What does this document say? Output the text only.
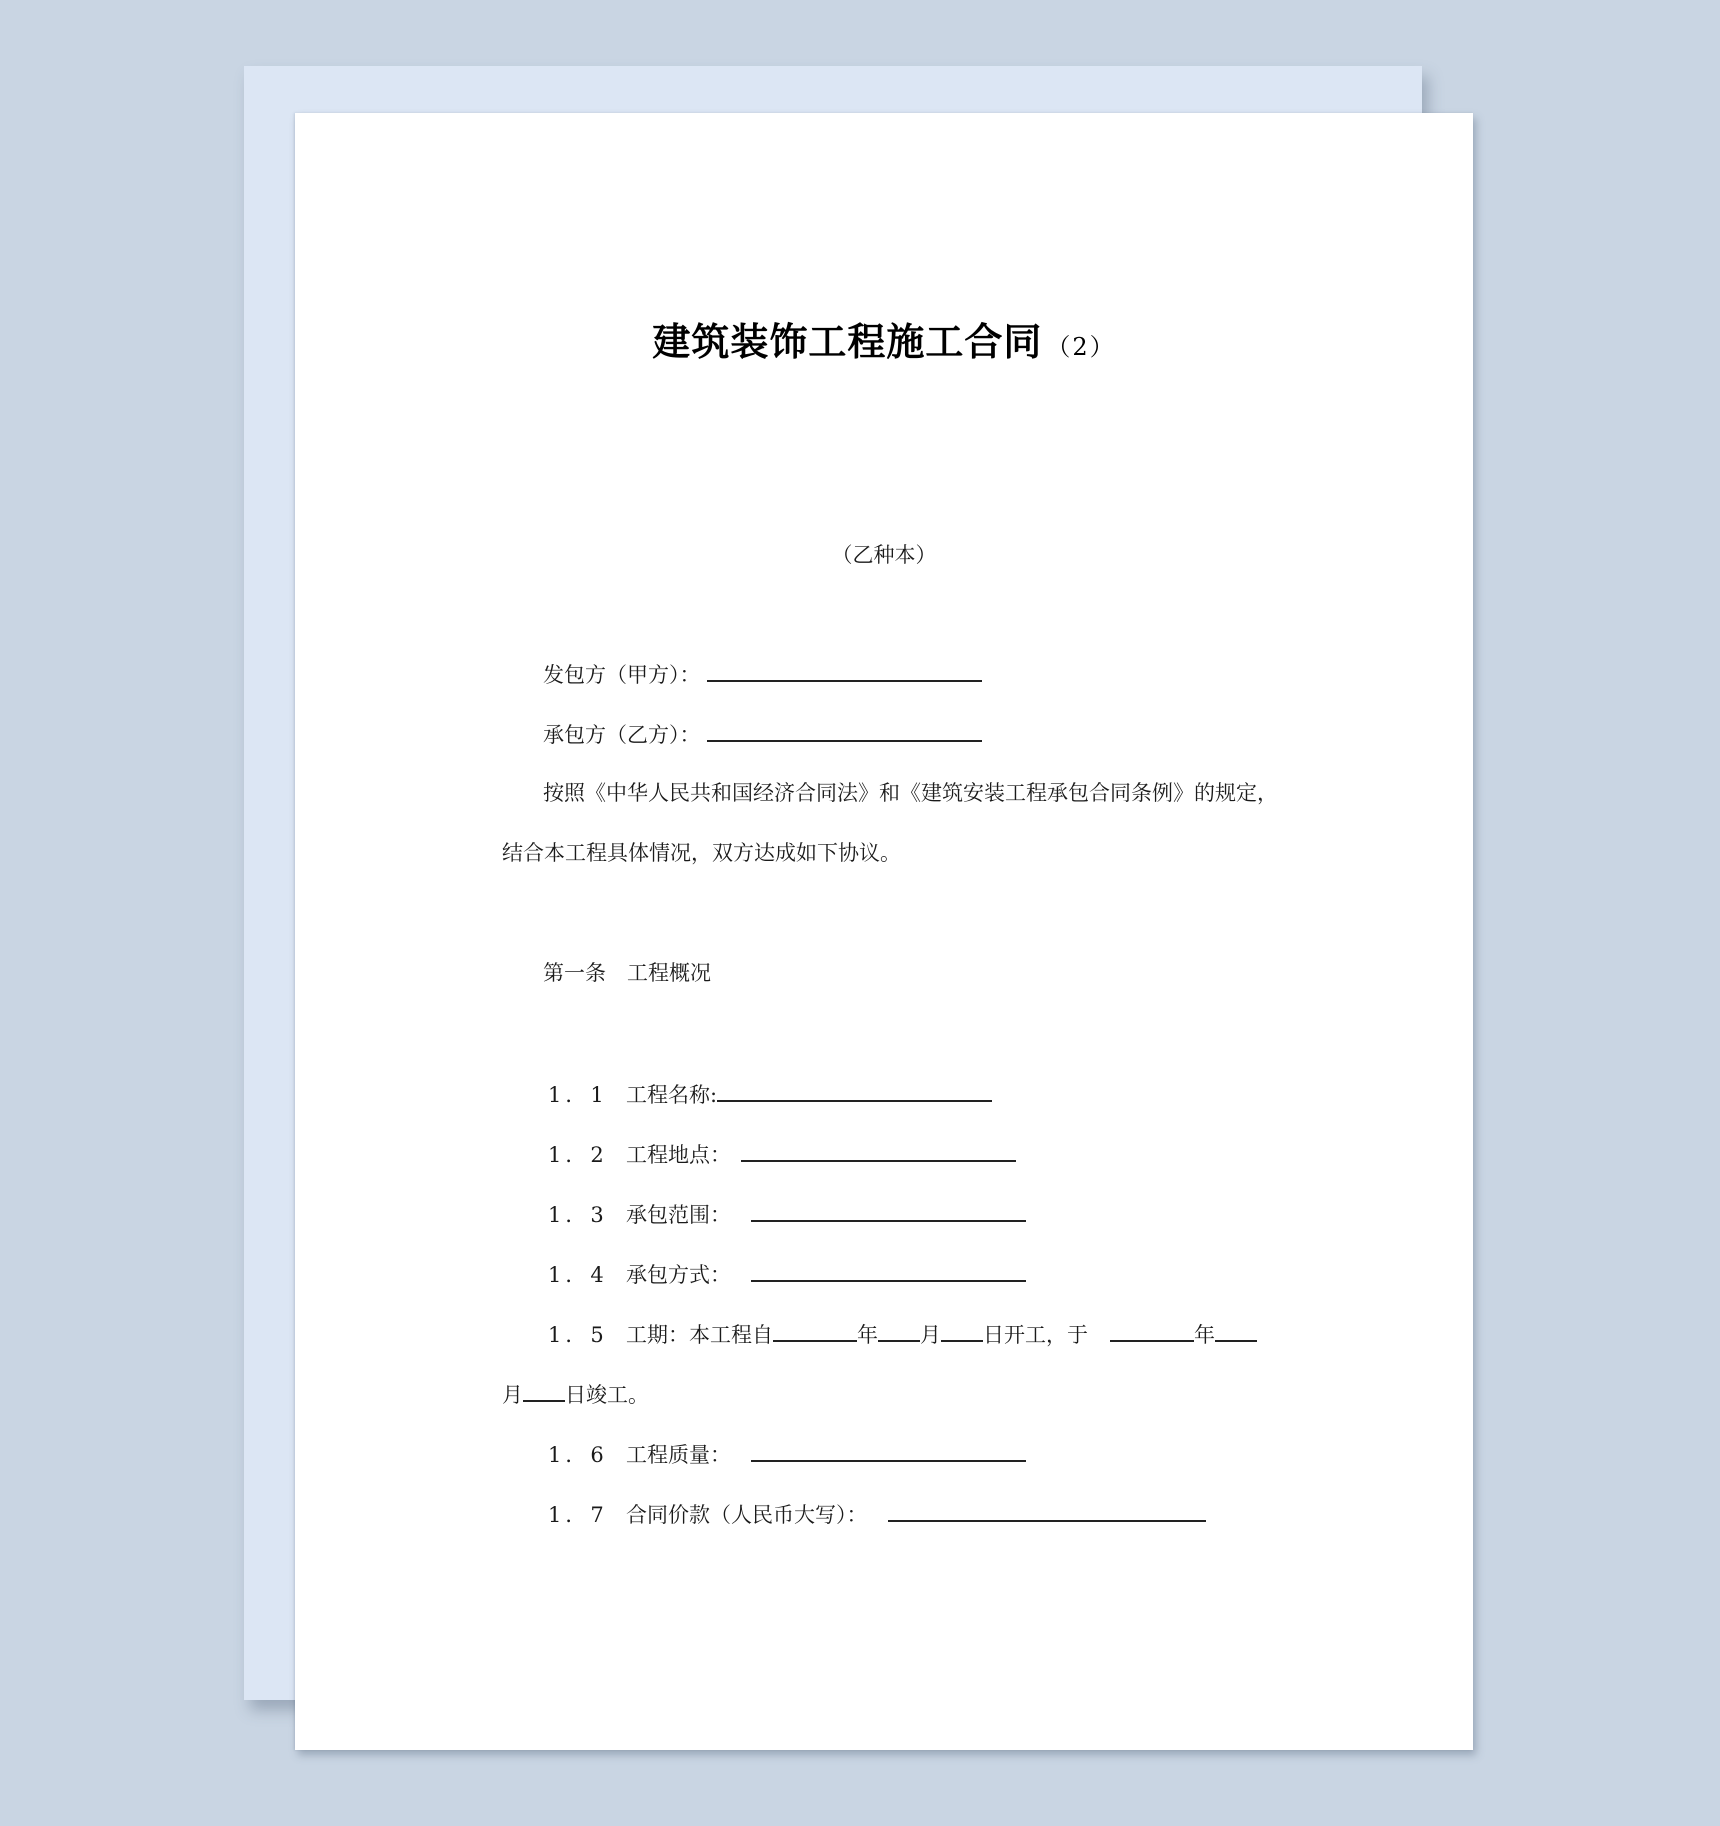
建筑装饰工程施工合同 （2）
（乙种本）
发包方（甲方）：
承包方（乙方）：
按照《中华人民共和国经济合同法》和《建筑安装工程承包合同条例》的规定，
结合本工程具体情况，双方达成如下协议。
第一条　工程概况
1．1 工程名称:
1．2 工程地点：
1．3 承包范围：
1．4 承包方式：
1．5 工期：本工程自	年 月 日开工，于	年
月 日竣工。
1．6 工程质量：
1．7 合同价款（人民币大写）：
